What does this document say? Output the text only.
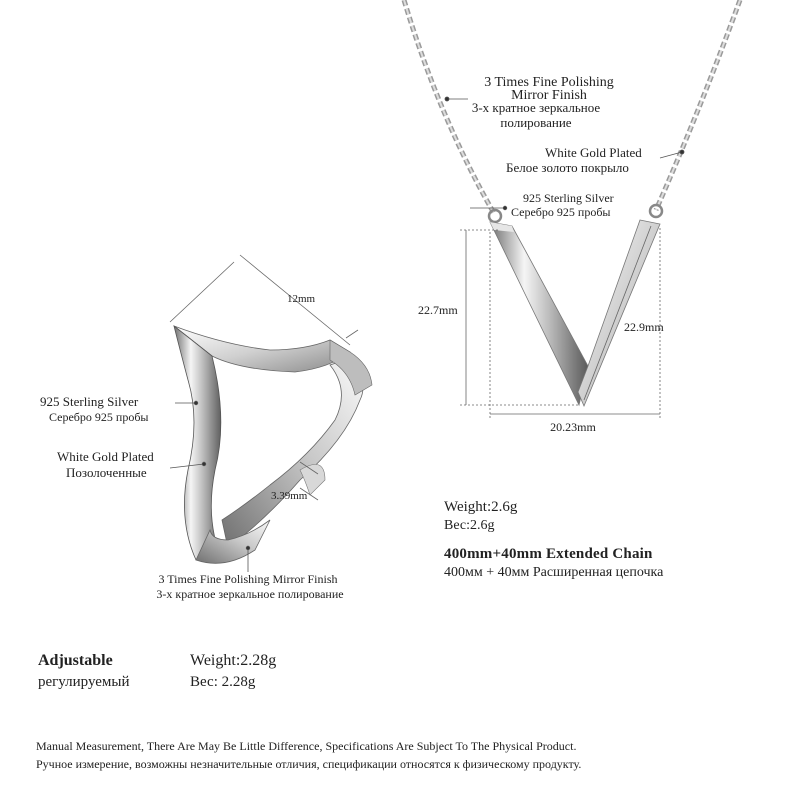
3 Times Fine Polishing
Mirror Finish
3-х кратное зеркальное
полирование
White Gold Plated
Белое золото покрыло
925 Sterling Silver
Серебро 925 пробы
22.7mm
22.9mm
20.23mm
Weight:2.6g
Вес:2.6g
400mm+40mm Extended Chain
400мм + 40мм Расширенная цепочка
12mm
3.39mm
925 Sterling Silver
Серебро 925 пробы
White Gold Plated
Позолоченные
3 Times Fine Polishing Mirror Finish
3-х кратное зеркальное полирование
Adjustable
регулируемый
Weight:2.28g
Вес: 2.28g
Manual Measurement, There Are May Be Little Difference, Specifications Are Subject To The Physical Product.
Ручное измерение, возможны незначительные отличия, спецификации относятся к физическому продукту.
